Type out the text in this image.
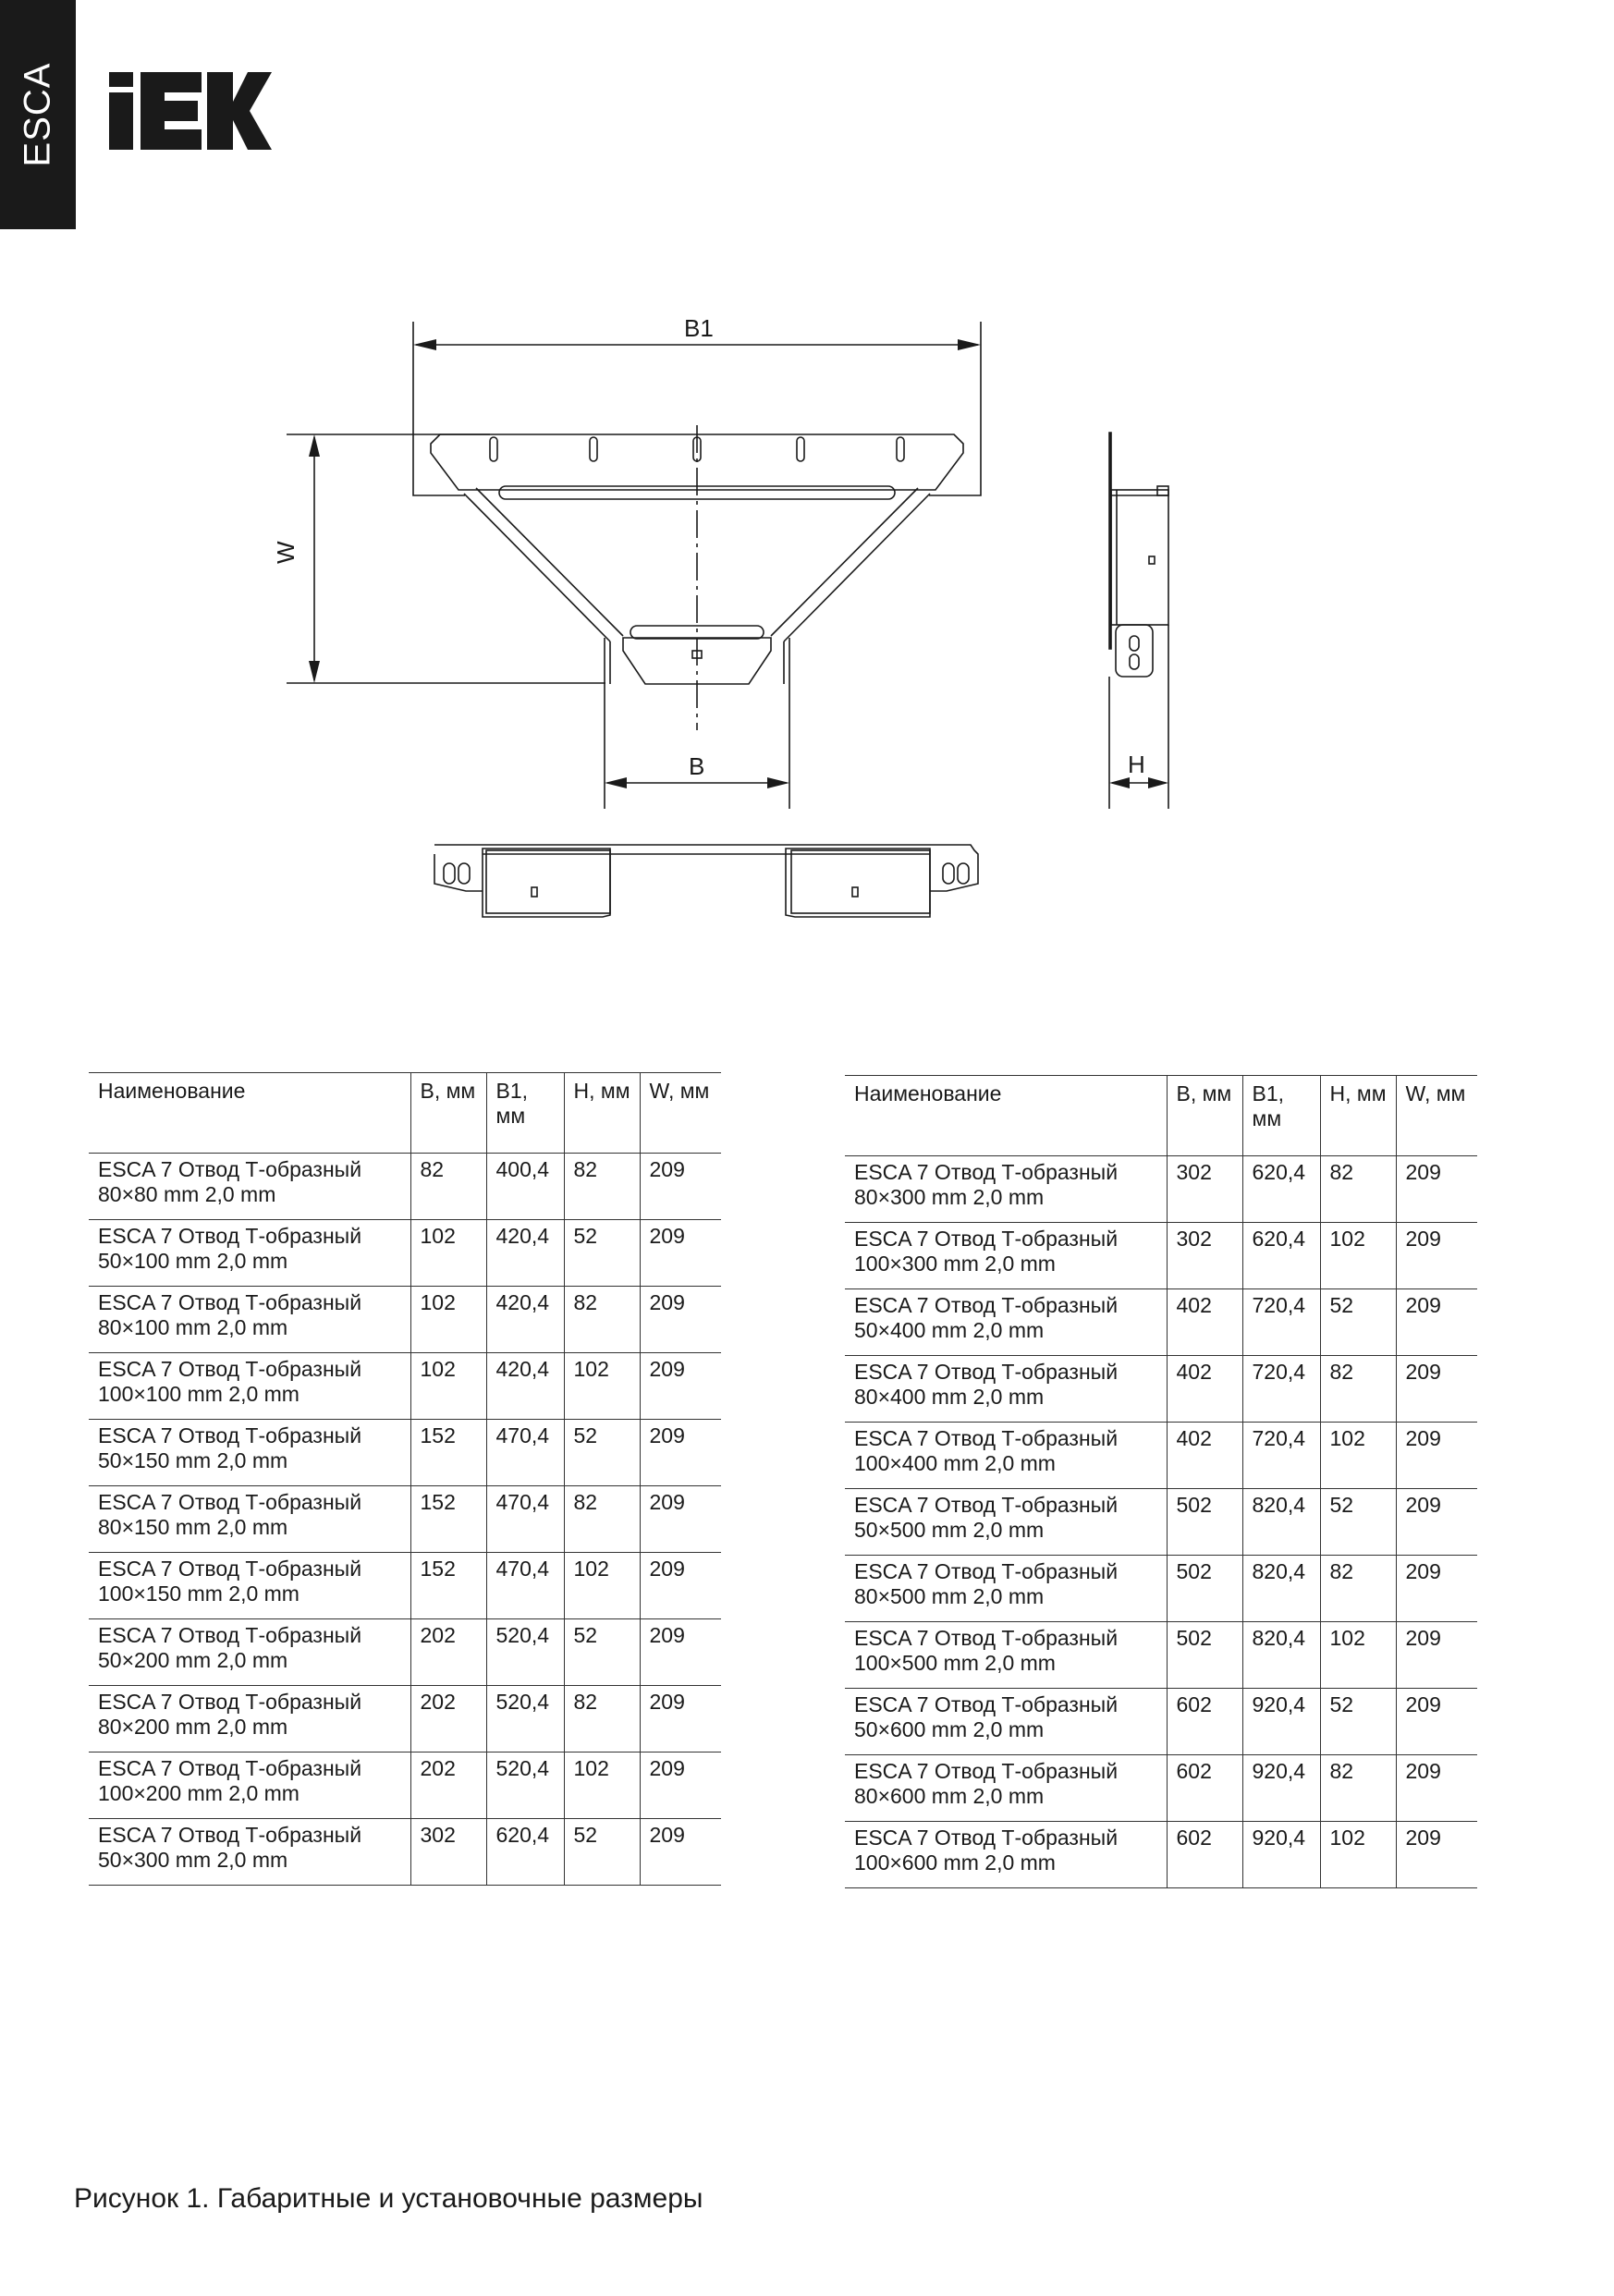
ESCA
B1
W
B	H
Наименование	B, мм	B1, мм	H, мм	W, мм
ESCA 7 Отвод Т-образный 80×80 mm 2,0 mm	82	400,4	82	209
ESCA 7 Отвод Т-образный 50×100 mm 2,0 mm	102	420,4	52	209
ESCA 7 Отвод Т-образный 80×100 mm 2,0 mm	102	420,4	82	209
ESCA 7 Отвод Т-образный 100×100 mm 2,0 mm	102	420,4	102	209
ESCA 7 Отвод Т-образный 50×150 mm 2,0 mm	152	470,4	52	209
ESCA 7 Отвод Т-образный 80×150 mm 2,0 mm	152	470,4	82	209
ESCA 7 Отвод Т-образный 100×150 mm 2,0 mm	152	470,4	102	209
ESCA 7 Отвод Т-образный 50×200 mm 2,0 mm	202	520,4	52	209
ESCA 7 Отвод Т-образный 80×200 mm 2,0 mm	202	520,4	82	209
ESCA 7 Отвод Т-образный 100×200 mm 2,0 mm	202	520,4	102	209
ESCA 7 Отвод Т-образный 50×300 mm 2,0 mm	302	620,4	52	209
Наименование	B, мм	B1, мм	H, мм	W, мм
ESCA 7 Отвод Т-образный 80×300 mm 2,0 mm	302	620,4	82	209
ESCA 7 Отвод Т-образный 100×300 mm 2,0 mm	302	620,4	102	209
ESCA 7 Отвод Т-образный 50×400 mm 2,0 mm	402	720,4	52	209
ESCA 7 Отвод Т-образный 80×400 mm 2,0 mm	402	720,4	82	209
ESCA 7 Отвод Т-образный 100×400 mm 2,0 mm	402	720,4	102	209
ESCA 7 Отвод Т-образный 50×500 mm 2,0 mm	502	820,4	52	209
ESCA 7 Отвод Т-образный 80×500 mm 2,0 mm	502	820,4	82	209
ESCA 7 Отвод Т-образный 100×500 mm 2,0 mm	502	820,4	102	209
ESCA 7 Отвод Т-образный 50×600 mm 2,0 mm	602	920,4	52	209
ESCA 7 Отвод Т-образный 80×600 mm 2,0 mm	602	920,4	82	209
ESCA 7 Отвод Т-образный 100×600 mm 2,0 mm	602	920,4	102	209
Рисунок 1. Габаритные и установочные размеры
